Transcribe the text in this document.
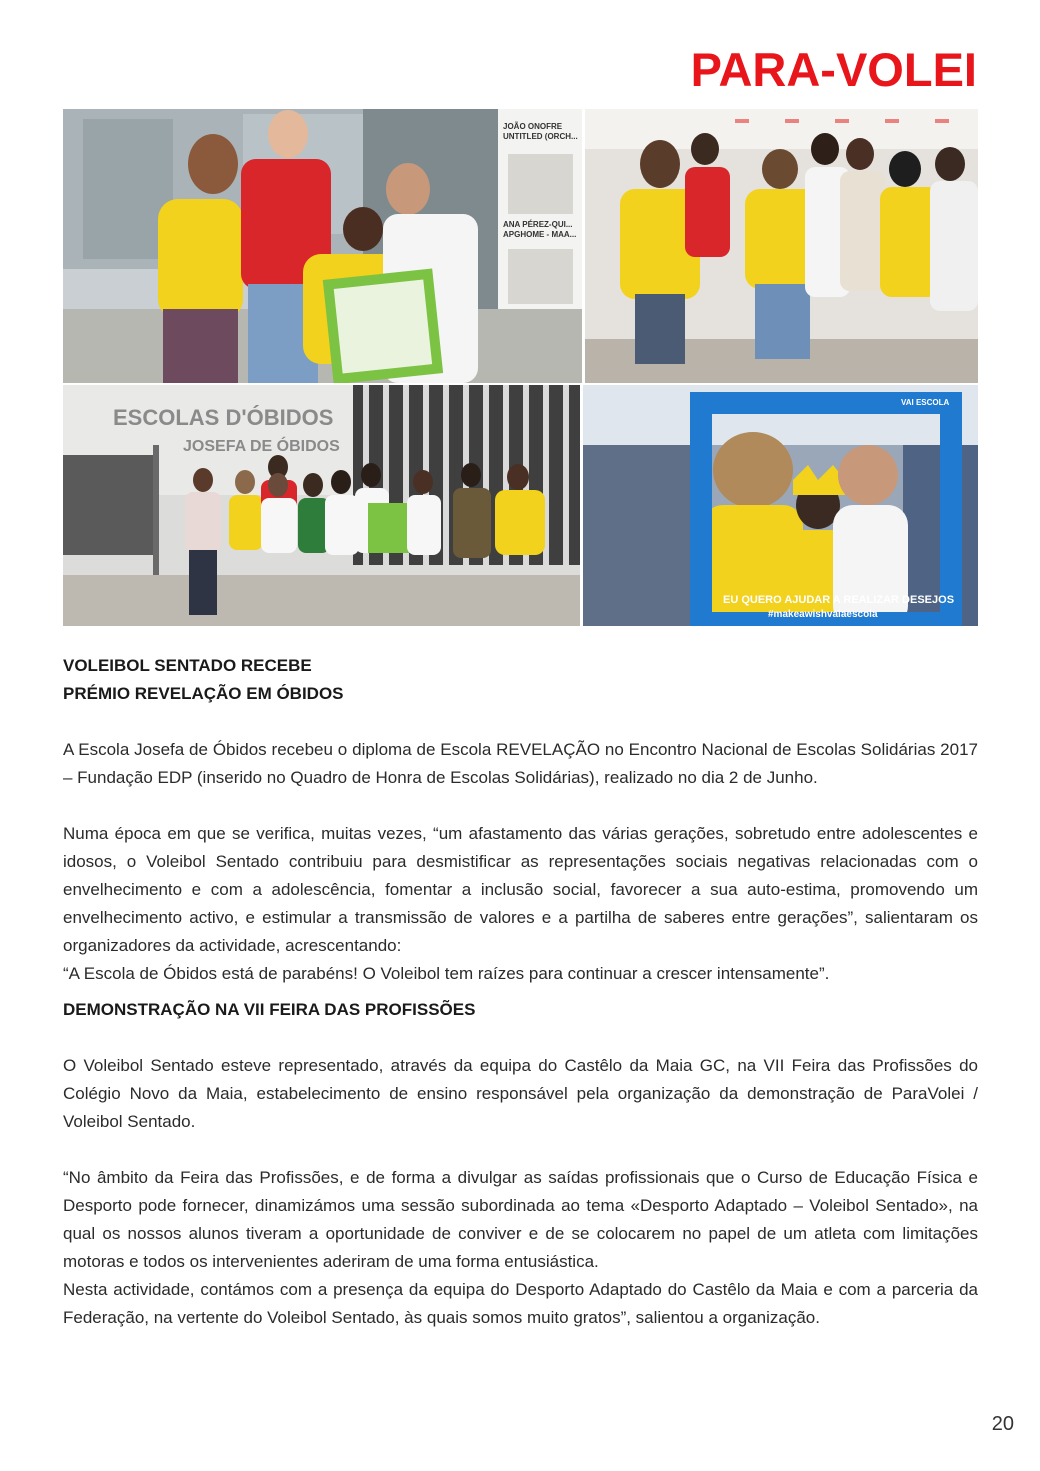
PARA-VOLEI
JOÃO ONOFRE
UNTITLED (ORCH...
ANA PÉREZ-QUI...
APGHOME - MAA...
ESCOLAS D'ÓBIDOS
JOSEFA DE ÓBIDOS
VAI ESCOLA
EU QUERO AJUDAR A REALIZAR DESEJOS
#makeawishvaiaescola

VOLEIBOL SENTADO RECEBE

PRÉMIO REVELAÇÃO EM ÓBIDOS

A Escola Josefa de Óbidos recebeu o diploma de Escola REVELAÇÃO no Encontro Nacional de Escolas Solidárias 2017 – Fundação EDP (inserido no Quadro de Honra de Escolas Solidárias), realizado no dia 2 de Junho.

Numa época em que se verifica, muitas vezes, “um afastamento das várias gerações, sobretudo entre adolescentes e idosos, o Voleibol Sentado contribuiu para desmistificar as representações sociais negativas relacionadas com o envelhecimento e com a adolescência, fomentar a inclusão social, favorecer a sua auto-estima, promovendo um envelhecimento activo, e estimular a transmissão de valores e a partilha de saberes entre gerações”, salientaram os organizadores da actividade, acrescentando:

“A Escola de Óbidos está de parabéns! O Voleibol tem raízes para continuar a crescer intensamente”.

DEMONSTRAÇÃO NA VII FEIRA DAS PROFISSÕES

O Voleibol Sentado esteve representado, através da equipa do Castêlo da Maia GC, na VII Feira das Profissões do Colégio Novo da Maia, estabelecimento de ensino responsável pela organização da demonstração de ParaVolei / Voleibol Sentado.

“No âmbito da Feira das Profissões, e de forma a divulgar as saídas profissionais que o Curso de Educação Física e Desporto pode fornecer, dinamizámos uma sessão subordinada ao tema «Desporto Adaptado – Voleibol Sentado», na qual os nossos alunos tiveram a oportunidade de conviver e de se colocarem no papel de um atleta com limitações motoras e todos os intervenientes aderiram de uma forma entusiástica.

Nesta actividade, contámos com a presença da equipa do Desporto Adaptado do Castêlo da Maia e com a parceria da Federação, na vertente do Voleibol Sentado, às quais somos muito gratos”, salientou a organização.

20
